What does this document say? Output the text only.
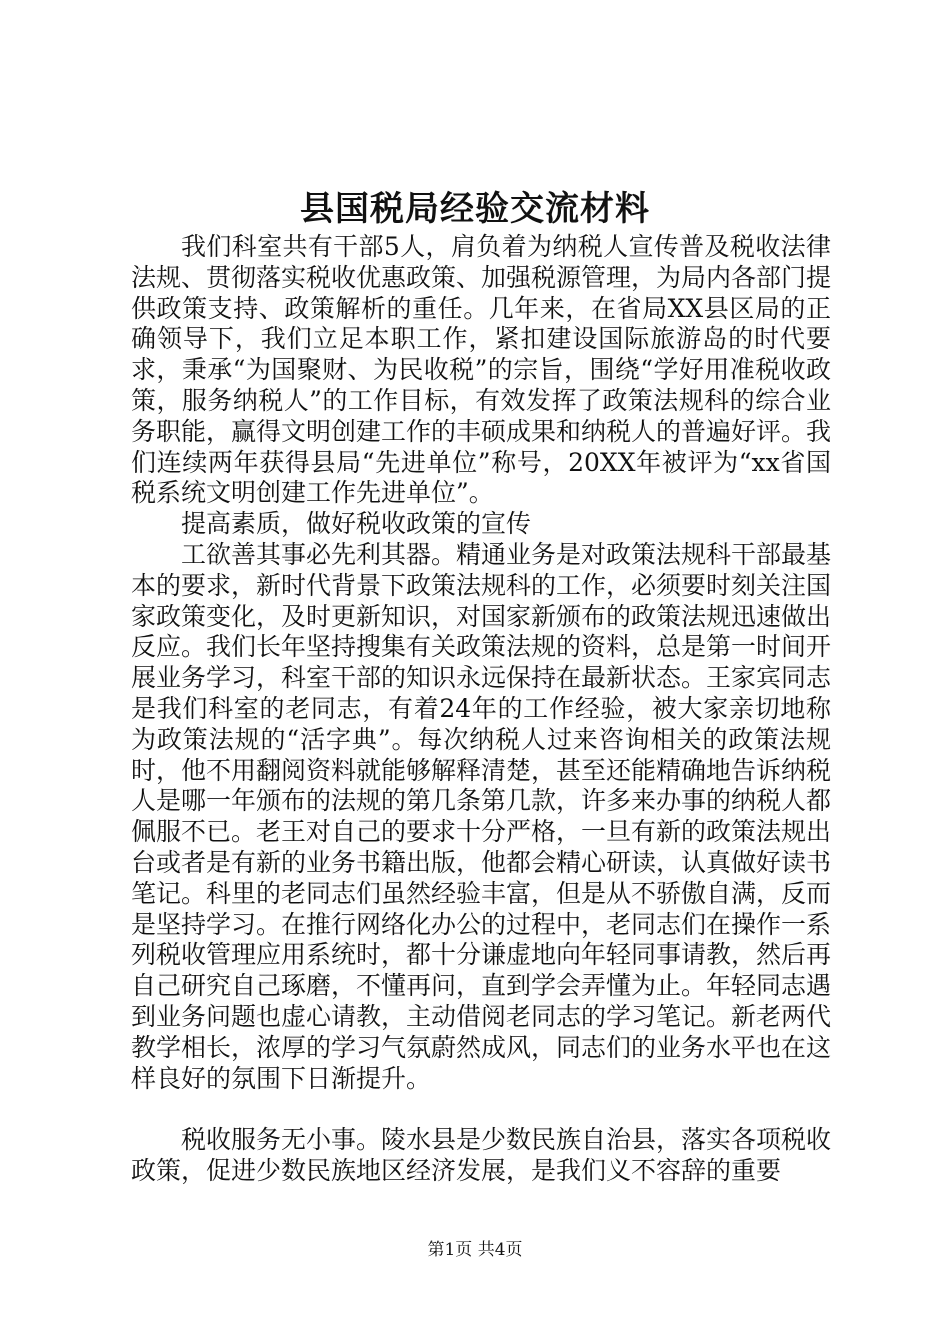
县国税局经验交流材料

我们科室共有干部5人，肩负着为纳税人宣传普及税收法律法规、贯彻落实税收优惠政策、加强税源管理，为局内各部门提供政策支持、政策解析的重任。几年来，在省局XX县区局的正确领导下，我们立足本职工作，紧扣建设国际旅游岛的时代要求，秉承“为国聚财、为民收税”的宗旨，围绕“学好用准税收政策，服务纳税人”的工作目标，有效发挥了政策法规科的综合业务职能，赢得文明创建工作的丰硕成果和纳税人的普遍好评。我们连续两年获得县局“先进单位”称号，20XX年被评为“xx省国税系统文明创建工作先进单位”。

提高素质，做好税收政策的宣传

工欲善其事必先利其器。精通业务是对政策法规科干部最基本的要求，新时代背景下政策法规科的工作，必须要时刻关注国家政策变化，及时更新知识，对国家新颁布的政策法规迅速做出反应。我们长年坚持搜集有关政策法规的资料，总是第一时间开展业务学习，科室干部的知识永远保持在最新状态。王家宾同志是我们科室的老同志，有着24年的工作经验，被大家亲切地称为政策法规的“活字典”。每次纳税人过来咨询相关的政策法规时，他不用翻阅资料就能够解释清楚，甚至还能精确地告诉纳税人是哪一年颁布的法规的第几条第几款，许多来办事的纳税人都佩服不已。老王对自己的要求十分严格，一旦有新的政策法规出台或者是有新的业务书籍出版，他都会精心研读，认真做好读书笔记。科里的老同志们虽然经验丰富，但是从不骄傲自满，反而是坚持学习。在推行网络化办公的过程中，老同志们在操作一系列税收管理应用系统时，都十分谦虚地向年轻同事请教，然后再自己研究自己琢磨，不懂再问，直到学会弄懂为止。年轻同志遇到业务问题也虚心请教，主动借阅老同志的学习笔记。新老两代教学相长，浓厚的学习气氛蔚然成风，同志们的业务水平也在这样良好的氛围下日渐提升。

税收服务无小事。陵水县是少数民族自治县，落实各项税收政策，促进少数民族地区经济发展，是我们义不容辞的重要

第1页 共4页
